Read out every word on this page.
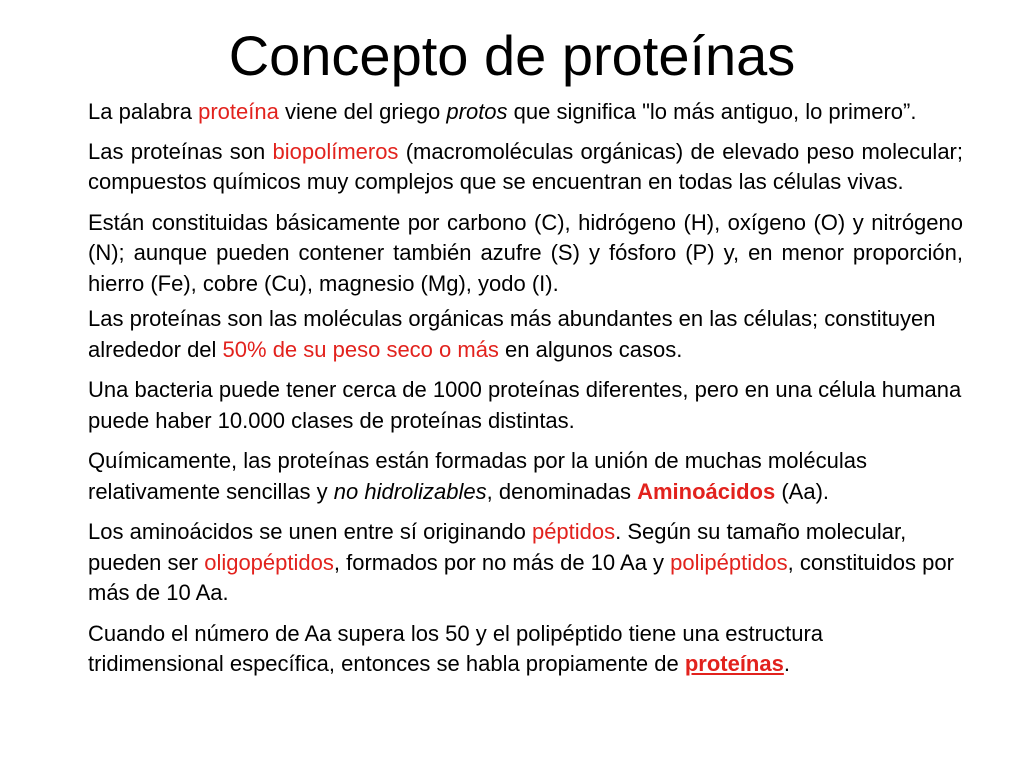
Concepto de proteínas

La palabra proteína viene del griego protos que significa "lo más antiguo, lo primero”.

Las proteínas son biopolímeros (macromoléculas orgánicas) de elevado peso molecular; compuestos químicos muy complejos que se encuentran en todas las células vivas.

Están constituidas básicamente por carbono (C), hidrógeno (H), oxígeno (O) y nitrógeno (N); aunque pueden contener también azufre (S) y fósforo (P) y, en menor proporción, hierro (Fe), cobre (Cu), magnesio (Mg), yodo (I).

Las proteínas son las moléculas orgánicas más abundantes en las células; constituyen alrededor del 50% de su peso seco o más en algunos casos.

Una bacteria puede tener cerca de 1000 proteínas diferentes, pero en una célula humana puede haber 10.000 clases de proteínas distintas.

Químicamente, las proteínas están formadas por la unión de muchas moléculas relativamente sencillas y no hidrolizables, denominadas Aminoácidos (Aa).

Los aminoácidos se unen entre sí originando péptidos. Según su tamaño molecular, pueden ser oligopéptidos, formados por no más de 10 Aa y polipéptidos, constituidos por más de 10 Aa.

Cuando el número de Aa supera los 50 y el polipéptido tiene una estructura tridimensional específica, entonces se habla propiamente de proteínas.
